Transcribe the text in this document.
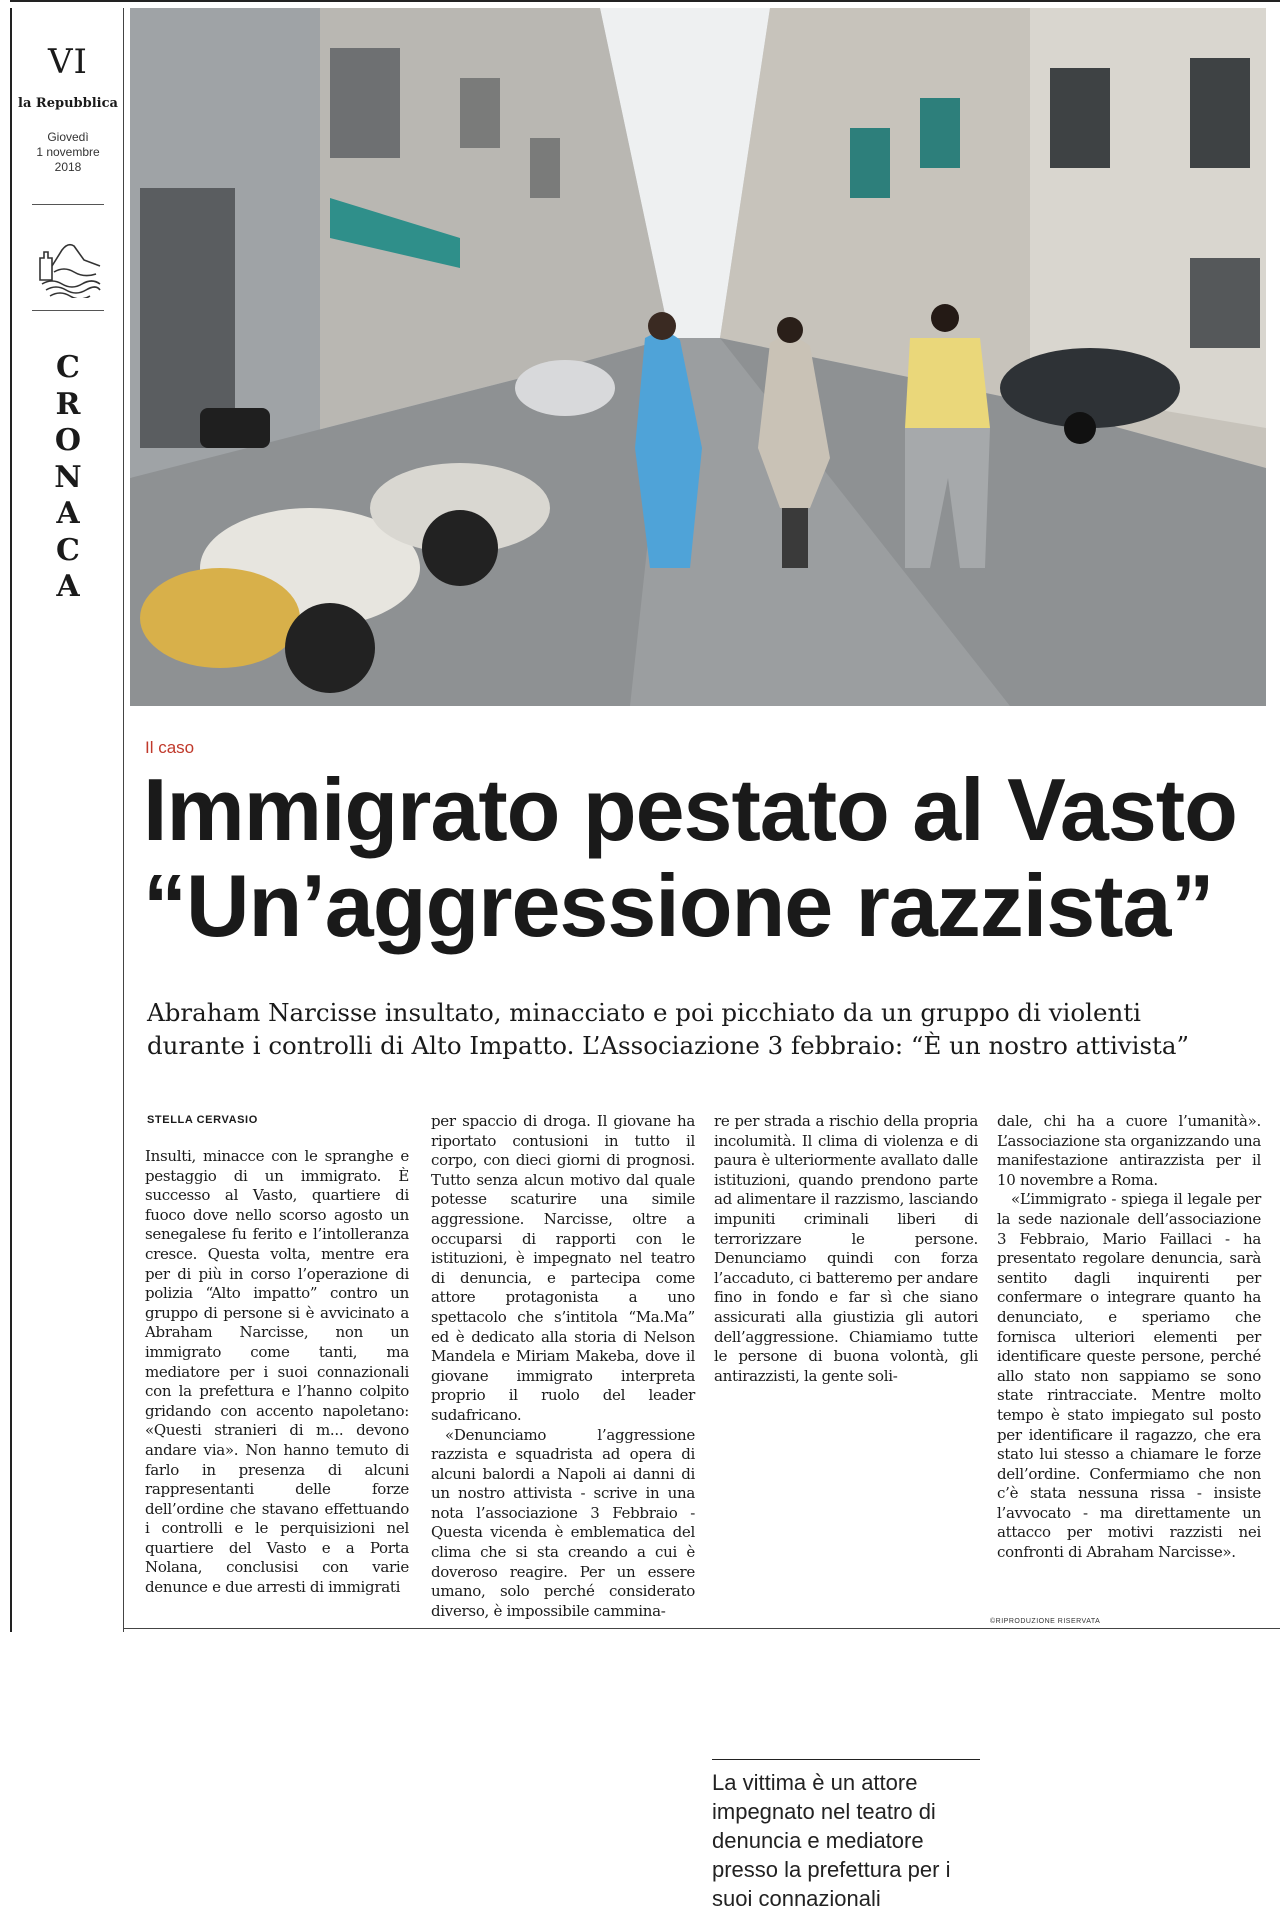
VI
la Repubblica
Giovedì
1 novembre
2018
C
R
O
N
A
C
A
Il caso
Immigrato pestato al Vasto
“Un’aggressione razzista”
Abraham Narcisse insultato, minacciato e poi picchiato da un gruppo di violenti
durante i controlli di Alto Impatto. L’Associazione 3 febbraio: “È un nostro attivista”
STELLA CERVASIO

Insulti, minacce con le spranghe e pestaggio di un immigrato. È successo al Vasto, quartiere di fuoco dove nello scorso agosto un senegalese fu ferito e l’intolleranza cresce. Questa volta, mentre era per di più in corso l’operazione di polizia “Alto impatto” contro un gruppo di persone si è avvicinato a Abraham Narcisse, non un immigrato come tanti, ma mediatore per i suoi connazionali con la prefettura e l’hanno colpito gridando con accento napoletano: «Questi stranieri di m... devono andare via». Non hanno temuto di farlo in presenza di alcuni rappresentanti delle forze dell’ordine che stavano effettuando i controlli e le perquisizioni nel quartiere del Vasto e a Porta Nolana, conclusisi con varie denunce e due arresti di immigrati

per spaccio di droga. Il giovane ha riportato contusioni in tutto il corpo, con dieci giorni di prognosi. Tutto senza alcun motivo dal quale potesse scaturire una simile aggressione. Narcisse, oltre a occuparsi di rapporti con le istituzioni, è impegnato nel teatro di denuncia, e partecipa come attore protagonista a uno spettacolo che s’intitola “Ma.Ma” ed è dedicato alla storia di Nelson Mandela e Miriam Makeba, dove il giovane immigrato interpreta proprio il ruolo del leader sudafricano.

«Denunciamo l’aggressione razzista e squadrista ad opera di alcuni balordi a Napoli ai danni di un nostro attivista - scrive in una nota l’associazione 3 Febbraio - Questa vicenda è emblematica del clima che si sta creando a cui è doveroso reagire. Per un essere umano, solo perché considerato diverso, è impossibile cammina-

re per strada a rischio della propria incolumità. Il clima di violenza e di paura è ulteriormente avallato dalle istituzioni, quando prendono parte ad alimentare il razzismo, lasciando impuniti criminali liberi di terrorizzare le persone. Denunciamo quindi con forza l’accaduto, ci batteremo per andare fino in fondo e far sì che siano assicurati alla giustizia gli autori dell’aggressione. Chiamiamo tutte le persone di buona volontà, gli antirazzisti, la gente soli-

La vittima è un attore impegnato nel teatro di denuncia e mediatore presso la prefettura per i suoi connazionali

dale, chi ha a cuore l’umanità». L’associazione sta organizzando una manifestazione antirazzista per il 10 novembre a Roma.

«L’immigrato - spiega il legale per la sede nazionale dell’associazione 3 Febbraio, Mario Faillaci - ha presentato regolare denuncia, sarà sentito dagli inquirenti per confermare o integrare quanto ha denunciato, e speriamo che fornisca ulteriori elementi per identificare queste persone, perché allo stato non sappiamo se sono state rintracciate. Mentre molto tempo è stato impiegato sul posto per identificare il ragazzo, che era stato lui stesso a chiamare le forze dell’ordine. Confermiamo che non c’è stata nessuna rissa - insiste l’avvocato - ma direttamente un attacco per motivi razzisti nei confronti di Abraham Narcisse».

©RIPRODUZIONE RISERVATA
